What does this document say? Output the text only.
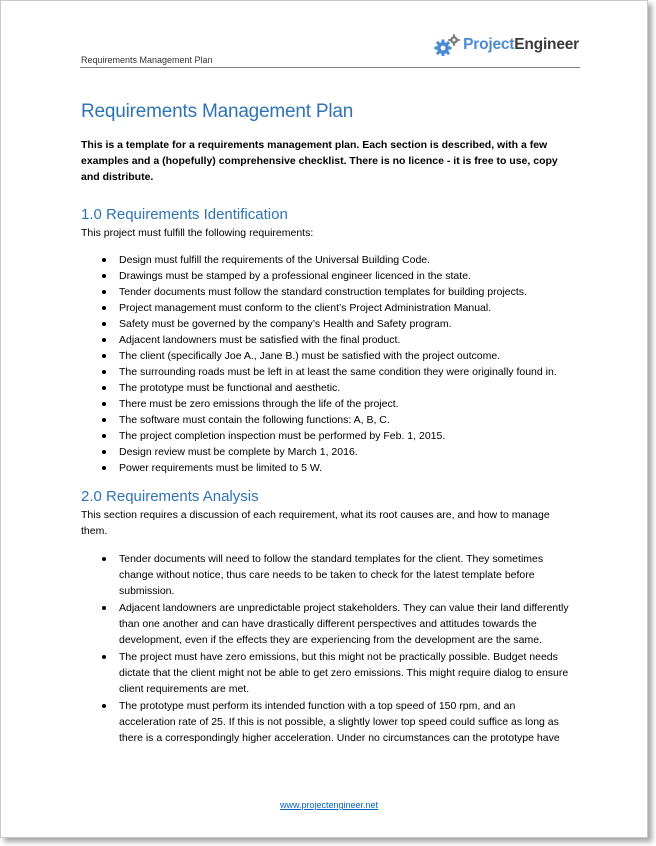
Requirements Management Plan
ProjectEngineer
Requirements Management Plan

This is a template for a requirements management plan. Each section is described, with a few examples and a (hopefully) comprehensive checklist. There is no licence - it is free to use, copy and distribute.

1.0 Requirements Identification

This project must fulfill the following requirements:

Design must fulfill the requirements of the Universal Building Code.
Drawings must be stamped by a professional engineer licenced in the state.
Tender documents must follow the standard construction templates for building projects.
Project management must conform to the client’s Project Administration Manual.
Safety must be governed by the company’s Health and Safety program.
Adjacent landowners must be satisfied with the final product.
The client (specifically Joe A., Jane B.) must be satisfied with the project outcome.
The surrounding roads must be left in at least the same condition they were originally found in.
The prototype must be functional and aesthetic.
There must be zero emissions through the life of the project.
The software must contain the following functions: A, B, C.
The project completion inspection must be performed by Feb. 1, 2015.
Design review must be complete by March 1, 2016.
Power requirements must be limited to 5 W.
2.0 Requirements Analysis

This section requires a discussion of each requirement, what its root causes are, and how to manage them.

Tender documents will need to follow the standard templates for the client. They sometimes change without notice, thus care needs to be taken to check for the latest template before submission.
Adjacent landowners are unpredictable project stakeholders. They can value their land differently than one another and can have drastically different perspectives and attitudes towards the development, even if the effects they are experiencing from the development are the same.
The project must have zero emissions, but this might not be practically possible. Budget needs dictate that the client might not be able to get zero emissions. This might require dialog to ensure client requirements are met.
The prototype must perform its intended function with a top speed of 150 rpm, and an acceleration rate of 25. If this is not possible, a slightly lower top speed could suffice as long as there is a correspondingly higher acceleration. Under no circumstances can the prototype have
www.projectengineer.net
